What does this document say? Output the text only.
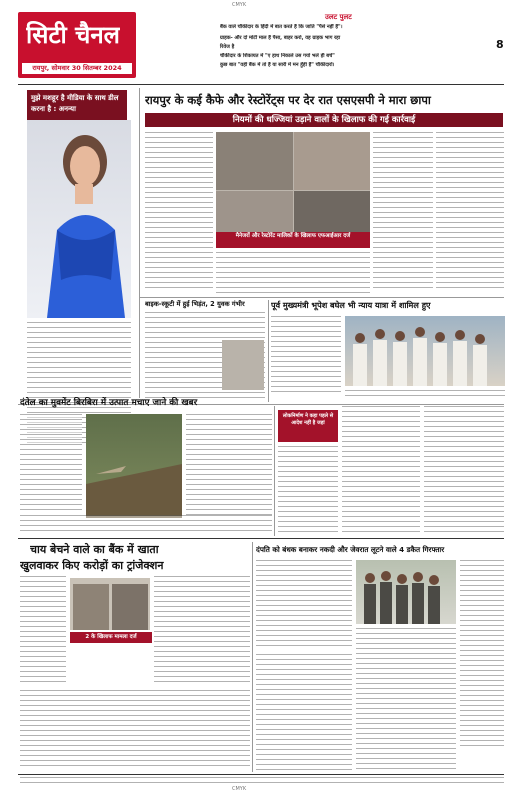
CMYK
सिटी चैनल
रायपुर, सोमवार 30 सितम्बर 2024
उलट पुलट
बैंक वाले चौकीदार के हिंदी में बात करते हैं कि जाति "पैसे नहीं हैं"।
ग्राहक- और दो मोटी माल हैं पैसा, बाहर करो, वह ग्राहक भाग रहा
रिवेज है
चौकीदार के शिकायत में "ए हाथ निकाले उस गयो भले ही बचें"
कुछ बात "वही बैंक में तो हैं या सारी में मन हुँही हैं" चौकीदारों।
8
मुझे मशहूर है मीडिया के साथ डील करना है : अनन्या
रायपुर के कई कैफे और रेस्टोरेंट्स पर देर रात एसएसपी ने मारा छापा
नियमों की धज्जियां उड़ाने वालों के खिलाफ की गई कार्रवाई
मैनेजरों और रेस्टोरेंट मालिकों के खिलाफ एफआईआर दर्ज
बाइक-स्कूटी में हुई भिड़ंत, 2 युवक गंभीर	पूर्व मुख्यमंत्री भूपेश बघेल भी न्याय यात्रा में शामिल हुए
दंतेल का मुवमेंट बिरबिरा में उत्पात मचाए जाने की खबर
लोकनिर्माण ने कहा पहले से आदेश नहीं है जहां
चाय बेचने वाले का बैंक में खाता
खुलवाकर किए करोड़ों का ट्रांजेक्शन
2 के खिलाफ मामला दर्ज
दंपति को बंधक बनाकर नकदी और जेवरात लूटने वाले 4 डकैत गिरफ्तार
CMYK
